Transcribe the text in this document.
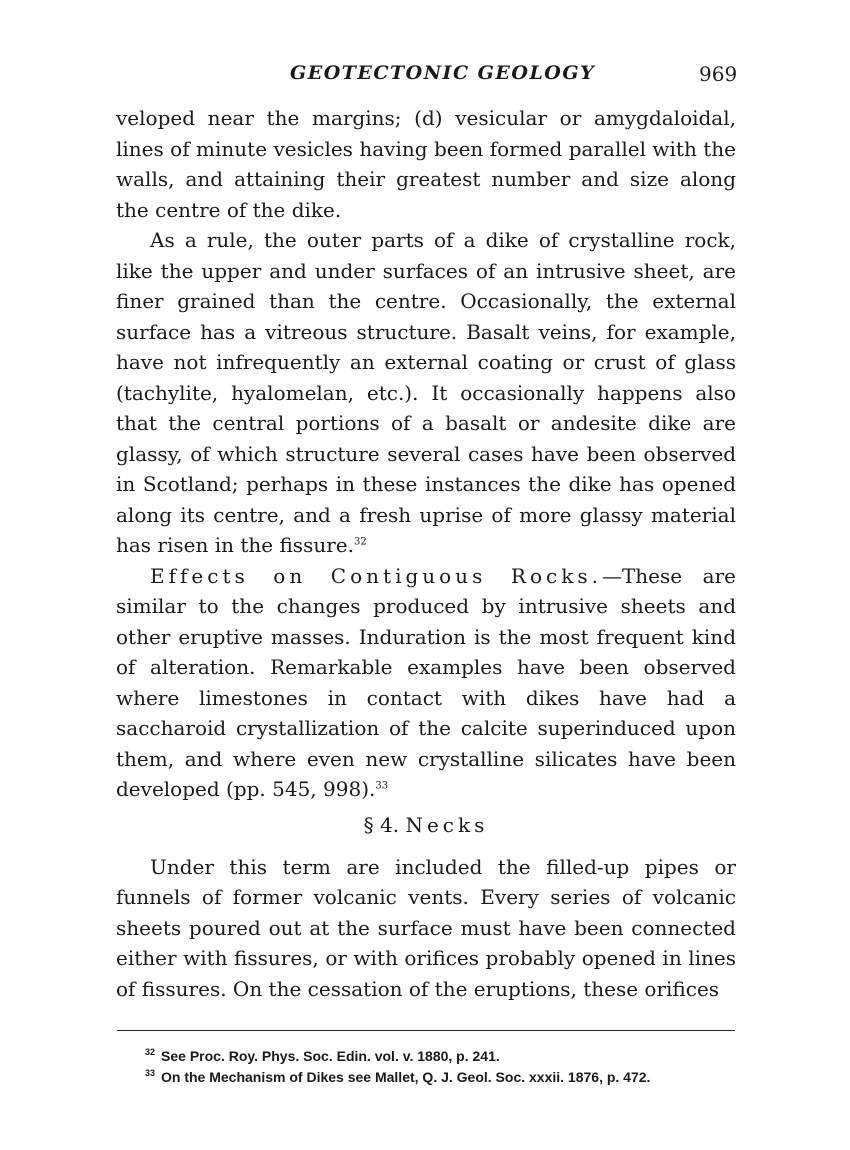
GEOTECTONIC GEOLOGY	969

veloped near the margins; (d) vesicular or amygdaloidal, lines of minute vesicles having been formed parallel with the walls, and attaining their greatest number and size along the centre of the dike.

As a rule, the outer parts of a dike of crystalline rock, like the upper and under surfaces of an intrusive sheet, are finer grained than the centre. Occasionally, the external surface has a vitreous structure. Basalt veins, for example, have not infrequently an external coating or crust of glass (tachylite, hyalomelan, etc.). It occasionally happens also that the central portions of a basalt or andesite dike are glassy, of which structure several cases have been observed in Scotland; perhaps in these instances the dike has opened along its centre, and a fresh uprise of more glassy material has risen in the fissure.$^{32}$

Effects on Contiguous Rocks.—These are similar to the changes produced by intrusive sheets and other eruptive masses. Induration is the most frequent kind of alteration. Remarkable examples have been observed where limestones in contact with dikes have had a saccharoid crystallization of the calcite superinduced upon them, and where even new crystalline silicates have been developed (pp. 545, 998).$^{33}$

§ 4. Necks

Under this term are included the filled-up pipes or funnels of former volcanic vents. Every series of volcanic sheets poured out at the surface must have been connected either with fissures, or with orifices probably opened in lines of fissures. On the cessation of the eruptions, these orifices

$^{32}$ See Proc. Roy. Phys. Soc. Edin. vol. v. 1880, p. 241.
$^{33}$ On the Mechanism of Dikes see Mallet, Q. J. Geol. Soc. xxxii. 1876, p. 472.
